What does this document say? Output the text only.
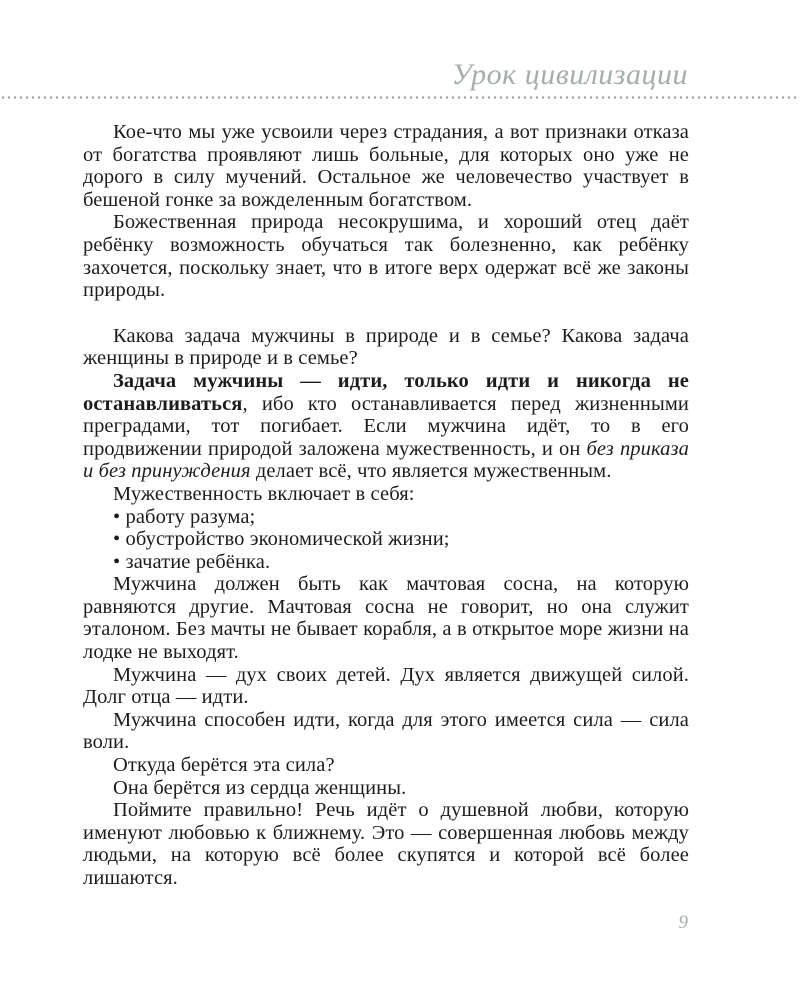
Урок цивилизации

Кое-что мы уже усвоили через страдания, а вот признаки отказа от богатства проявляют лишь больные, для которых оно уже не дорого в силу мучений. Остальное же человечество участвует в бешеной гонке за вожделенным богатством.

Божественная природа несокрушима, и хороший отец даёт ребёнку возможность обучаться так болезненно, как ребёнку захочется, поскольку знает, что в итоге верх одержат всё же законы природы.

Какова задача мужчины в природе и в семье? Какова задача женщины в природе и в семье?

Задача мужчины — идти, только идти и никогда не останавливаться, ибо кто останавливается перед жизненными преградами, тот погибает. Если мужчина идёт, то в его продвижении природой заложена мужественность, и он без приказа и без принуждения делает всё, что является мужественным.

Мужественность включает в себя:

• работу разума;

• обустройство экономической жизни;

• зачатие ребёнка.

Мужчина должен быть как мачтовая сосна, на которую равняются другие. Мачтовая сосна не говорит, но она служит эталоном. Без мачты не бывает корабля, а в открытое море жизни на лодке не выходят.

Мужчина — дух своих детей. Дух является движущей силой. Долг отца — идти.

Мужчина способен идти, когда для этого имеется сила — сила воли.

Откуда берётся эта сила?

Она берётся из сердца женщины.

Поймите правильно! Речь идёт о душевной любви, которую именуют любовью к ближнему. Это — совершенная любовь между людьми, на которую всё более скупятся и которой всё более лишаются.

9
